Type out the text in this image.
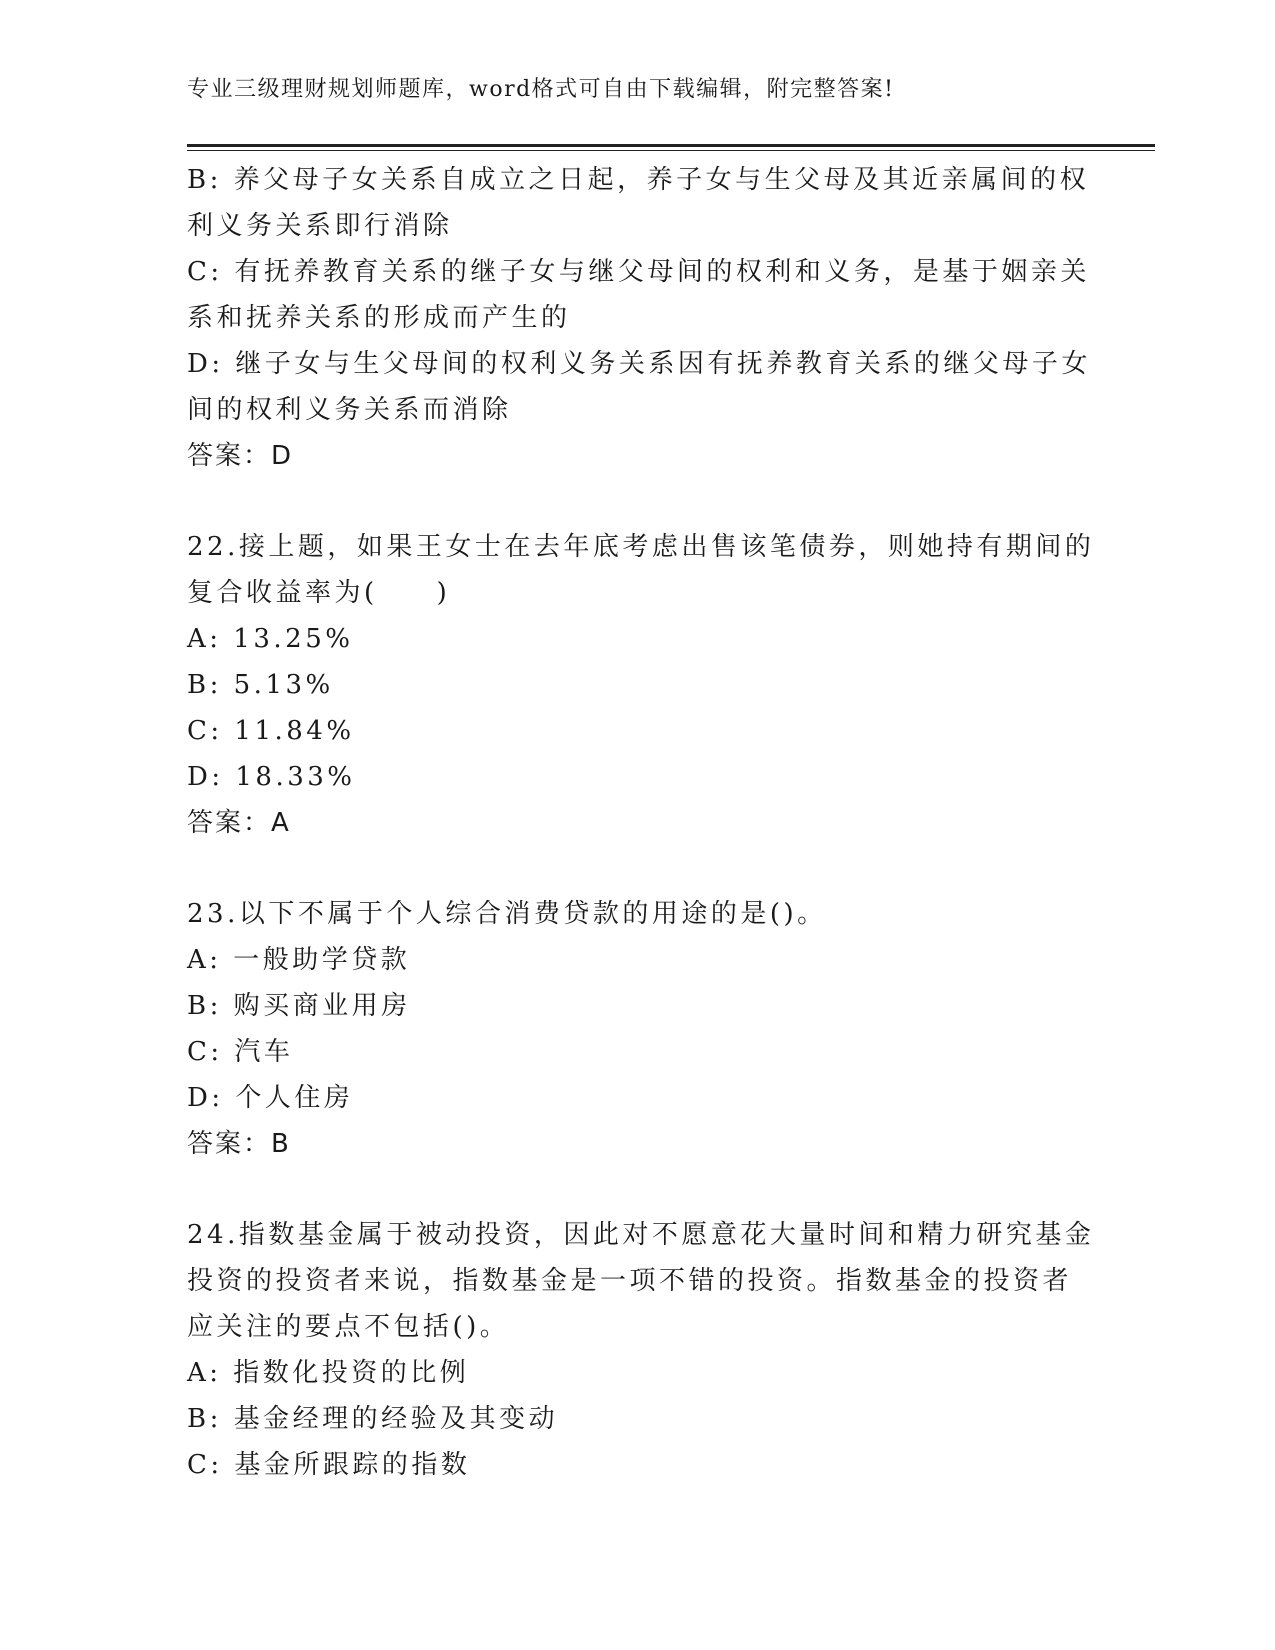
专业三级理财规划师题库，word格式可自由下载编辑，附完整答案!
B: 养父母子女关系自成立之日起，养子女与生父母及其近亲属间的权
利义务关系即行消除
C: 有抚养教育关系的继子女与继父母间的权利和义务，是基于姻亲关
系和抚养关系的形成而产生的
D: 继子女与生父母间的权利义务关系因有抚养教育关系的继父母子女
间的权利义务关系而消除
答案：D
22.接上题，如果王女士在去年底考虑出售该笔债券，则她持有期间的
复合收益率为(　　)
A: 13.25%
B: 5.13%
C: 11.84%
D: 18.33%
答案：A
23.以下不属于个人综合消费贷款的用途的是()。
A: 一般助学贷款
B: 购买商业用房
C: 汽车
D: 个人住房
答案：B
24.指数基金属于被动投资，因此对不愿意花大量时间和精力研究基金
投资的投资者来说，指数基金是一项不错的投资。指数基金的投资者
应关注的要点不包括()。
A: 指数化投资的比例
B: 基金经理的经验及其变动
C: 基金所跟踪的指数
